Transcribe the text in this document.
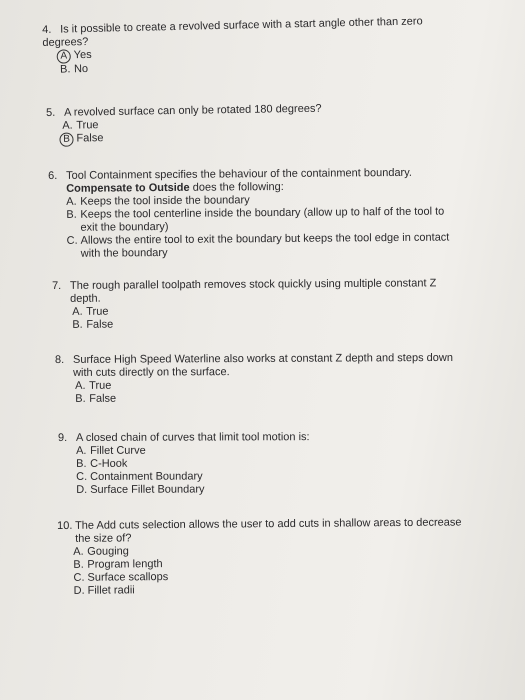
4. Is it possible to create a revolved surface with a start angle other than zero degrees?
A Yes
B. No
5. A revolved surface can only be rotated 180 degrees?
A. True
B False
6. Tool Containment specifies the behaviour of the containment boundary.
Compensate to Outside does the following:
A. Keeps the tool inside the boundary
B. Keeps the tool centerline inside the boundary (allow up to half of the tool to exit the boundary)
C. Allows the entire tool to exit the boundary but keeps the tool edge in contact with the boundary
7. The rough parallel toolpath removes stock quickly using multiple constant Z depth.
A. True
B. False
8. Surface High Speed Waterline also works at constant Z depth and steps down with cuts directly on the surface.
A. True
B. False
9. A closed chain of curves that limit tool motion is:
A. Fillet Curve
B. C-Hook
C. Containment Boundary
D. Surface Fillet Boundary
10. The Add cuts selection allows the user to add cuts in shallow areas to decrease the size of?
A. Gouging
B. Program length
C. Surface scallops
D. Fillet radii
